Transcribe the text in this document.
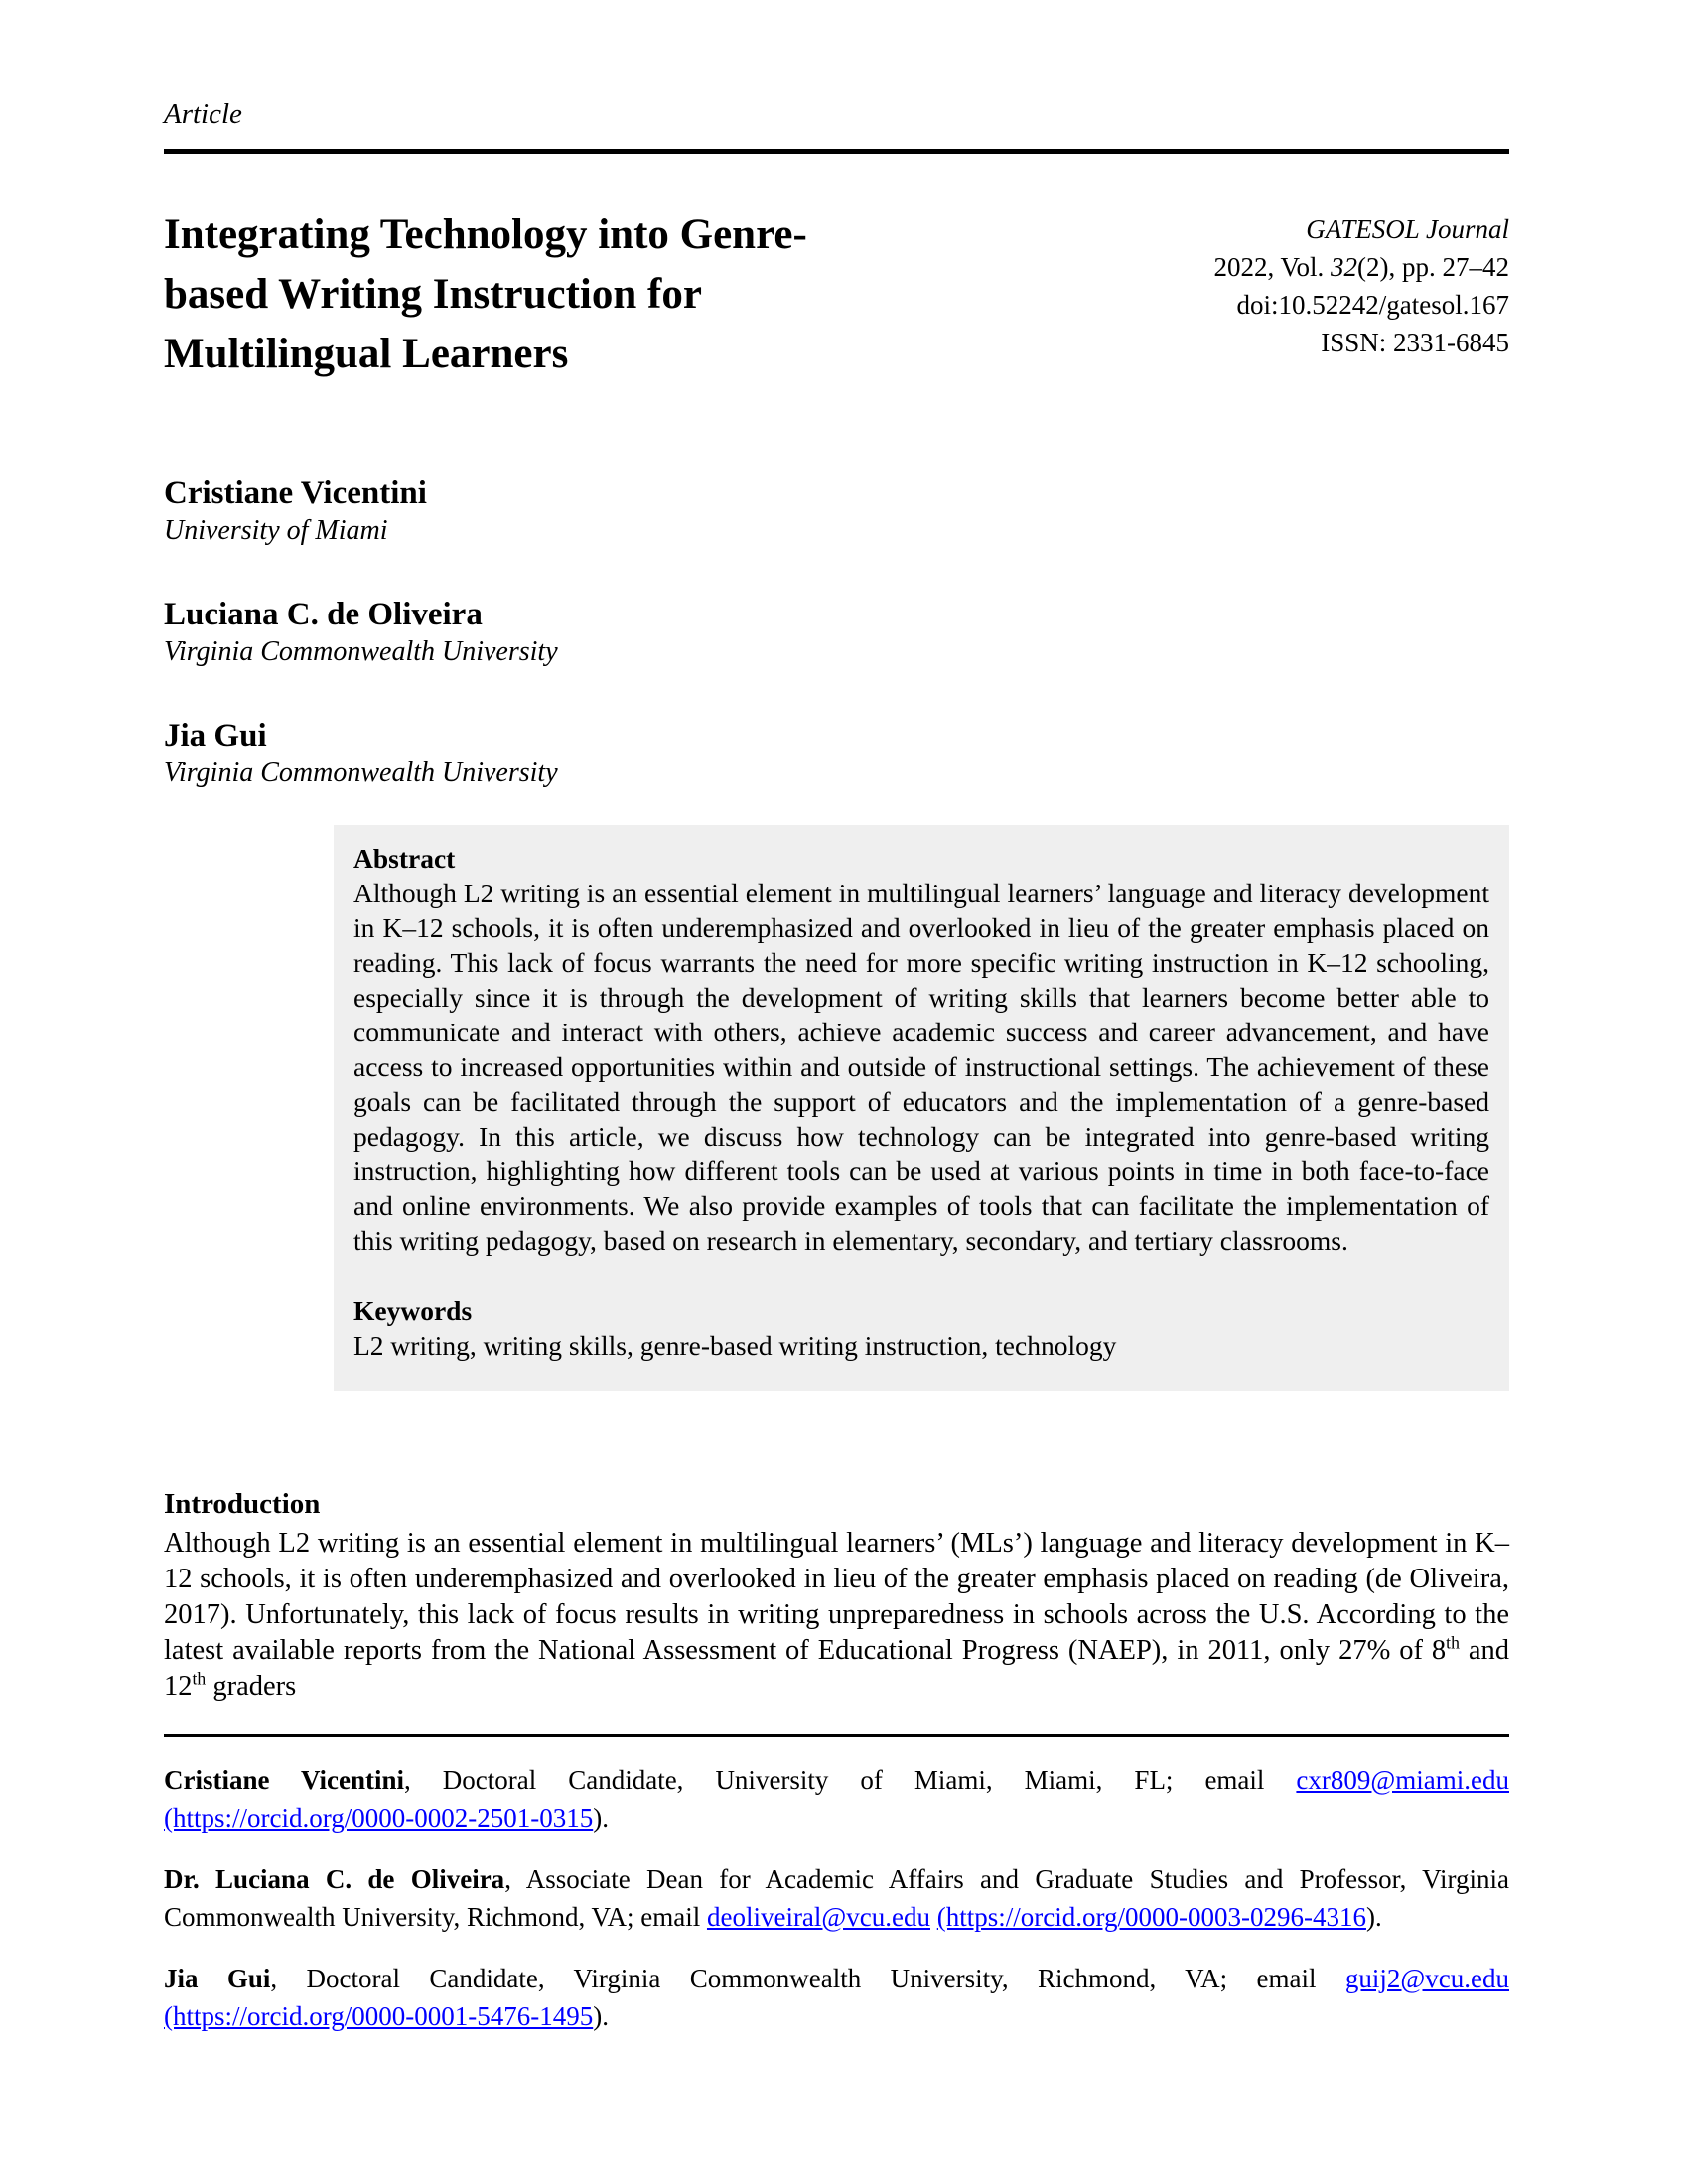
Article
Integrating Technology into Genre-
based Writing Instruction for
Multilingual Learners
GATESOL Journal
2022, Vol. 32(2), pp. 27–42
doi:10.52242/gatesol.167
ISSN: 2331-6845
Cristiane Vicentini
University of Miami
Luciana C. de Oliveira
Virginia Commonwealth University
Jia Gui
Virginia Commonwealth University
Abstract

Although L2 writing is an essential element in multilingual learners’ language and literacy development in K–12 schools, it is often underemphasized and overlooked in lieu of the greater emphasis placed on reading. This lack of focus warrants the need for more specific writing instruction in K–12 schooling, especially since it is through the development of writing skills that learners become better able to communicate and interact with others, achieve academic success and career advancement, and have access to increased opportunities within and outside of instructional settings. The achievement of these goals can be facilitated through the support of educators and the implementation of a genre-based pedagogy. In this article, we discuss how technology can be integrated into genre-based writing instruction, highlighting how different tools can be used at various points in time in both face-to-face and online environments. We also provide examples of tools that can facilitate the implementation of this writing pedagogy, based on research in elementary, secondary, and tertiary classrooms.

Keywords

L2 writing, writing skills, genre-based writing instruction, technology

Introduction

Although L2 writing is an essential element in multilingual learners’ (MLs’) language and literacy development in K–12 schools, it is often underemphasized and overlooked in lieu of the greater emphasis placed on reading (de Oliveira, 2017). Unfortunately, this lack of focus results in writing unpreparedness in schools across the U.S. According to the latest available reports from the National Assessment of Educational Progress (NAEP), in 2011, only 27% of 8th and 12th graders

Cristiane Vicentini, Doctoral Candidate, University of Miami, Miami, FL; email cxr809@miami.edu (https://orcid.org/0000-0002-2501-0315).

Dr. Luciana C. de Oliveira, Associate Dean for Academic Affairs and Graduate Studies and Professor, Virginia Commonwealth University, Richmond, VA; email deoliveiral@vcu.edu (https://orcid.org/0000-0003-0296-4316).

Jia Gui, Doctoral Candidate, Virginia Commonwealth University, Richmond, VA; email guij2@vcu.edu (https://orcid.org/0000-0001-5476-1495).
